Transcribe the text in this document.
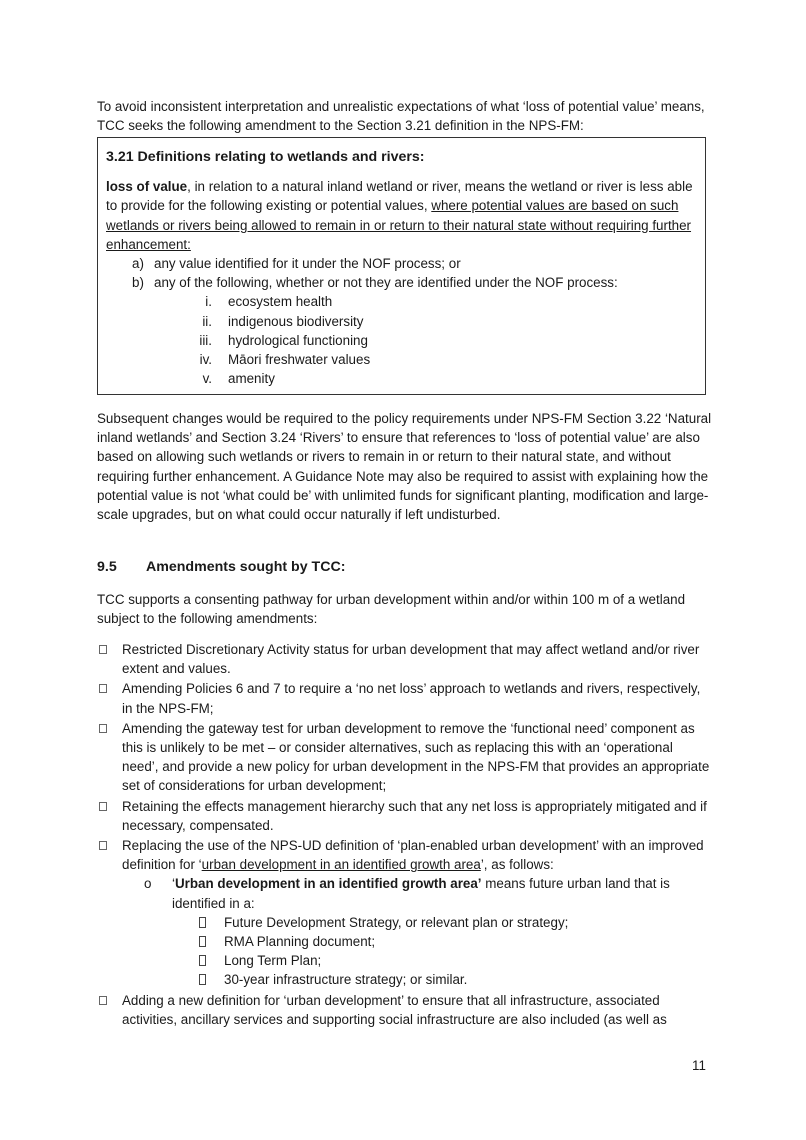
To avoid inconsistent interpretation and unrealistic expectations of what ‘loss of potential value’ means, TCC seeks the following amendment to the Section 3.21 definition in the NPS-FM:

3.21 Definitions relating to wetlands and rivers:

loss of value, in relation to a natural inland wetland or river, means the wetland or river is less able to provide for the following existing or potential values, where potential values are based on such wetlands or rivers being allowed to remain in or return to their natural state without requiring further enhancement:

a) any value identified for it under the NOF process; or
b) any of the following, whether or not they are identified under the NOF process:
i. ecosystem health
ii. indigenous biodiversity
iii. hydrological functioning
iv. Māori freshwater values
v. amenity

Subsequent changes would be required to the policy requirements under NPS-FM Section 3.22 ‘Natural inland wetlands’ and Section 3.24 ‘Rivers’ to ensure that references to ‘loss of potential value’ are also based on allowing such wetlands or rivers to remain in or return to their natural state, and without requiring further enhancement. A Guidance Note may also be required to assist with explaining how the potential value is not ‘what could be’ with unlimited funds for significant planting, modification and large-scale upgrades, but on what could occur naturally if left undisturbed.

9.5 Amendments sought by TCC:

TCC supports a consenting pathway for urban development within and/or within 100 m of a wetland subject to the following amendments:

Restricted Discretionary Activity status for urban development that may affect wetland and/or river extent and values.
Amending Policies 6 and 7 to require a ‘no net loss’ approach to wetlands and rivers, respectively, in the NPS-FM;
Amending the gateway test for urban development to remove the ‘functional need’ component as this is unlikely to be met – or consider alternatives, such as replacing this with an ‘operational need’, and provide a new policy for urban development in the NPS-FM that provides an appropriate set of considerations for urban development;
Retaining the effects management hierarchy such that any net loss is appropriately mitigated and if necessary, compensated.
Replacing the use of the NPS-UD definition of ‘plan-enabled urban development’ with an improved definition for ‘urban development in an identified growth area’, as follows:
o ‘Urban development in an identified growth area’ means future urban land that is identified in a:
Future Development Strategy, or relevant plan or strategy;
RMA Planning document;
Long Term Plan;
30-year infrastructure strategy; or similar.
Adding a new definition for ‘urban development’ to ensure that all infrastructure, associated activities, ancillary services and supporting social infrastructure are also included (as well as

11
